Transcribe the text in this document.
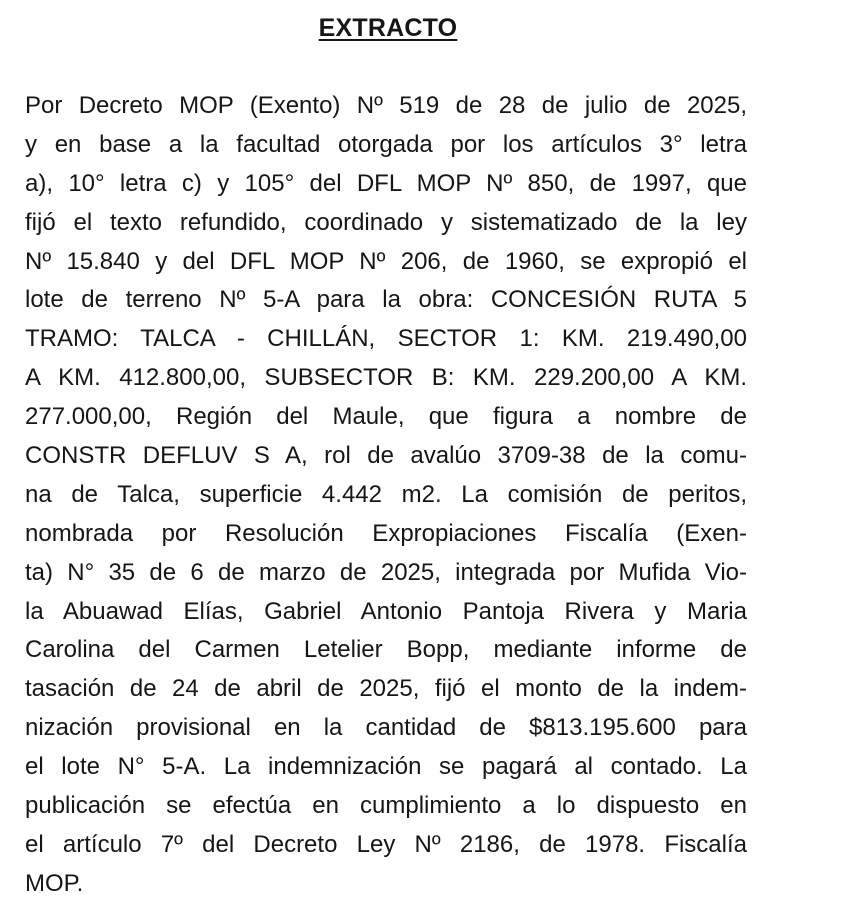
EXTRACTO
Por Decreto MOP (Exento) Nº 519 de 28 de julio de 2025,
y en base a la facultad otorgada por los artículos 3° letra
a), 10° letra c) y 105° del DFL MOP Nº 850, de 1997, que
fijó el texto refundido, coordinado y sistematizado de la ley
Nº 15.840 y del DFL MOP Nº 206, de 1960, se expropió el
lote de terreno Nº 5-A para la obra: CONCESIÓN RUTA 5
TRAMO: TALCA - CHILLÁN, SECTOR 1: KM. 219.490,00
A KM. 412.800,00, SUBSECTOR B: KM. 229.200,00 A KM.
277.000,00, Región del Maule, que figura a nombre de
CONSTR DEFLUV S A, rol de avalúo 3709-38 de la comu-
na de Talca, superficie 4.442 m2. La comisión de peritos,
nombrada por Resolución Expropiaciones Fiscalía (Exen-
ta) N° 35 de 6 de marzo de 2025, integrada por Mufida Vio-
la Abuawad Elías, Gabriel Antonio Pantoja Rivera y Maria
Carolina del Carmen Letelier Bopp, mediante informe de
tasación de 24 de abril de 2025, fijó el monto de la indem-
nización provisional en la cantidad de $813.195.600 para
el lote N° 5-A. La indemnización se pagará al contado. La
publicación se efectúa en cumplimiento a lo dispuesto en
el artículo 7º del Decreto Ley Nº 2186, de 1978. Fiscalía
MOP.
